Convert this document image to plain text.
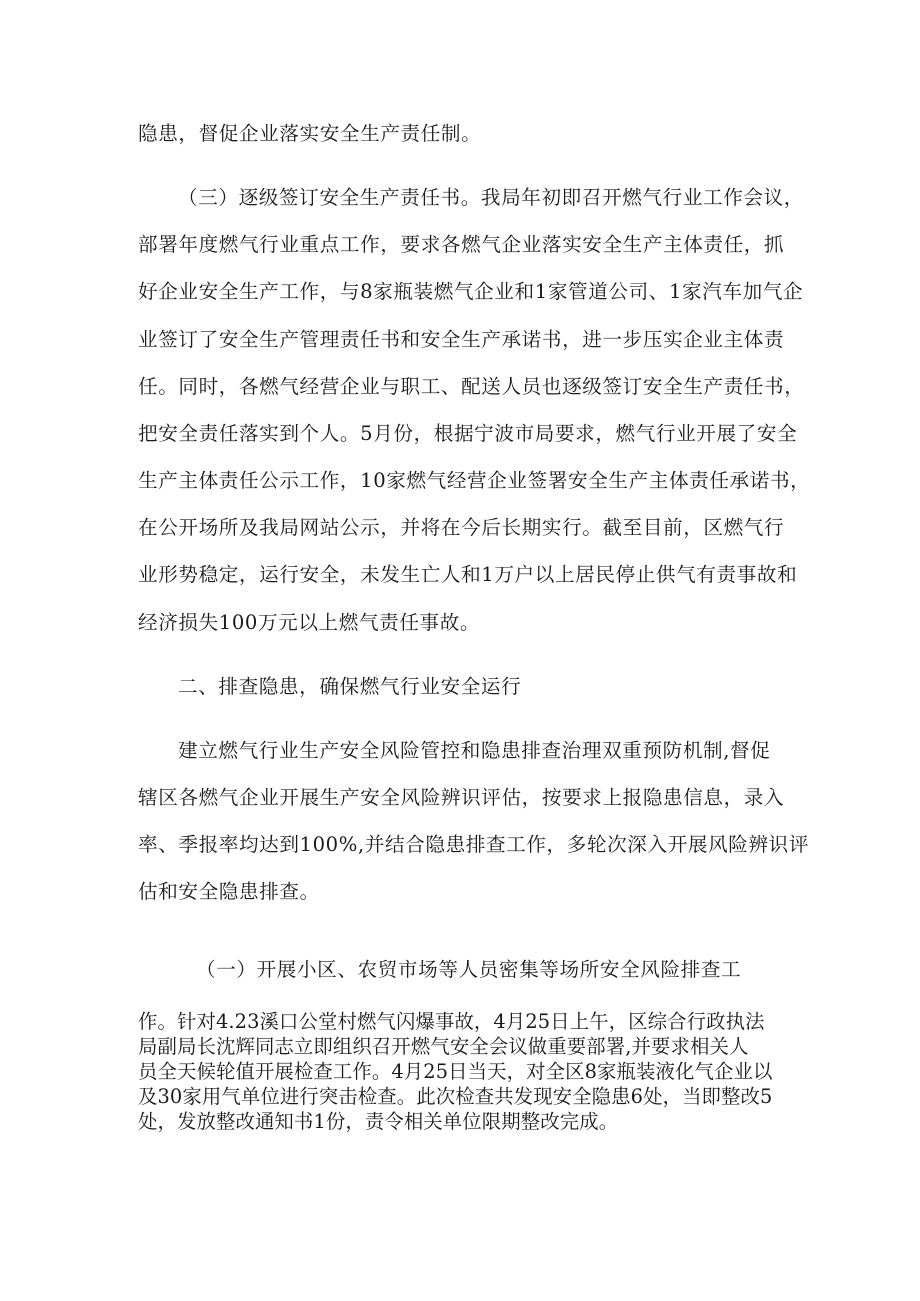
隐患，督促企业落实安全生产责任制。
（三）逐级签订安全生产责任书。我局年初即召开燃气行业工作会议，
部署年度燃气行业重点工作，要求各燃气企业落实安全生产主体责任，抓
好企业安全生产工作，与8家瓶装燃气企业和1家管道公司、1家汽车加气企
业签订了安全生产管理责任书和安全生产承诺书，进一步压实企业主体责
任。同时，各燃气经营企业与职工、配送人员也逐级签订安全生产责任书，
把安全责任落实到个人。5月份，根据宁波市局要求，燃气行业开展了安全
生产主体责任公示工作，10家燃气经营企业签署安全生产主体责任承诺书，
在公开场所及我局网站公示，并将在今后长期实行。截至目前，区燃气行
业形势稳定，运行安全，未发生亡人和1万户以上居民停止供气有责事故和
经济损失100万元以上燃气责任事故。
二、排查隐患，确保燃气行业安全运行
建立燃气行业生产安全风险管控和隐患排查治理双重预防机制,督促
辖区各燃气企业开展生产安全风险辨识评估，按要求上报隐患信息，录入
率、季报率均达到100%,并结合隐患排查工作，多轮次深入开展风险辨识评
估和安全隐患排查。
（一）开展小区、农贸市场等人员密集等场所安全风险排查工
作。针对4.23溪口公堂村燃气闪爆事故，4月25日上午，区综合行政执法
局副局长沈辉同志立即组织召开燃气安全会议做重要部署,并要求相关人
员全天候轮值开展检查工作。4月25日当天，对全区8家瓶装液化气企业以
及30家用气单位进行突击检查。此次检查共发现安全隐患6处，当即整改5
处，发放整改通知书1份，责令相关单位限期整改完成。
